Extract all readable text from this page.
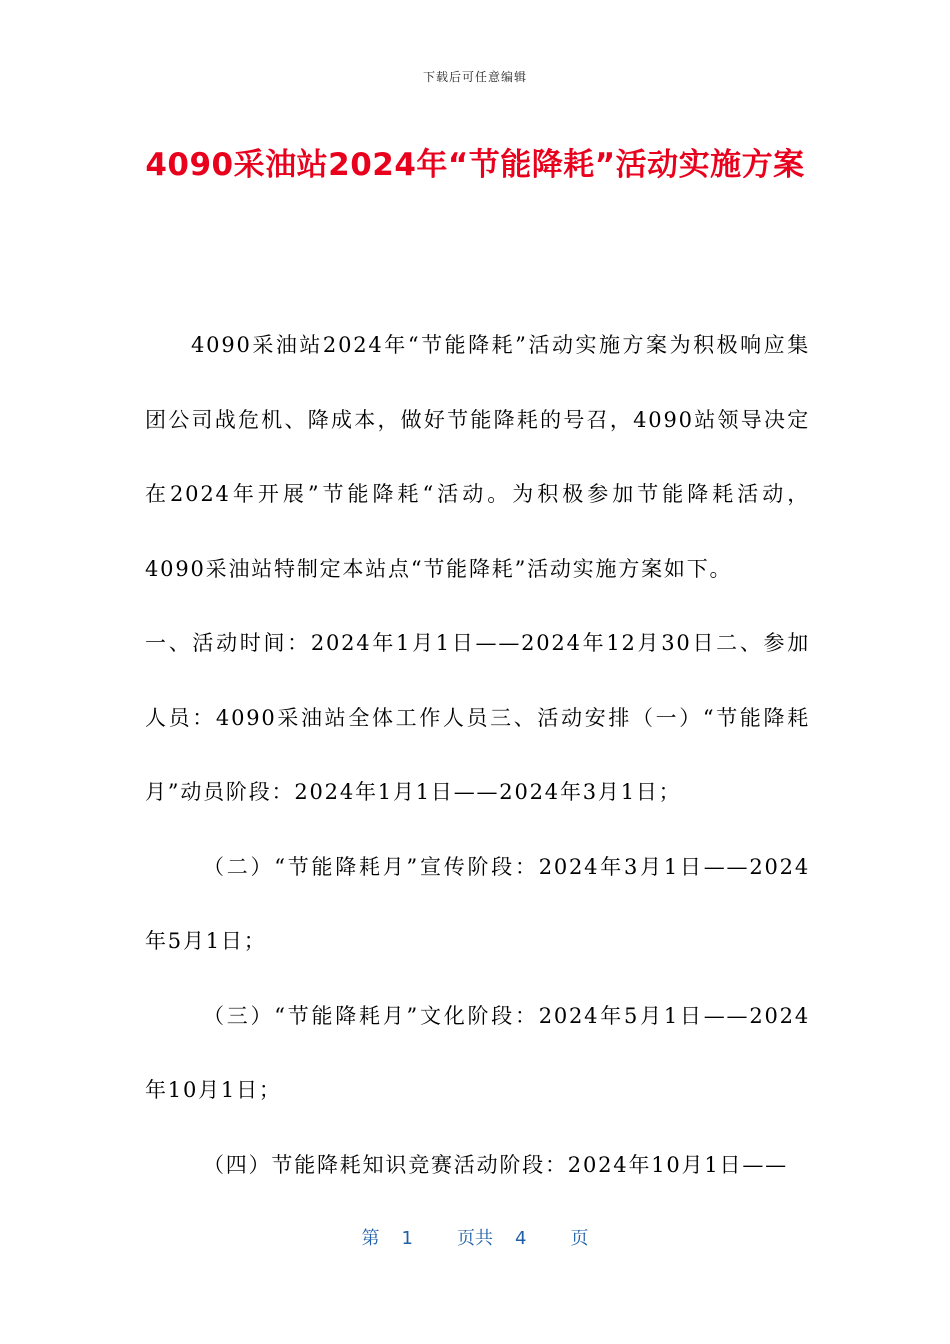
下载后可任意编辑
4090采油站2024年“节能降耗”活动实施方案

4090采油站2024年“节能降耗”活动实施方案为积极响应集团公司战危机、降成本，做好节能降耗的号召，4090站领导决定在2024年开展”节能降耗“活动。为积极参加节能降耗活动，4090采油站特制定本站点“节能降耗”活动实施方案如下。

一、活动时间：2024年1月1日——2024年12月30日二、参加人员：4090采油站全体工作人员三、活动安排（一）“节能降耗月”动员阶段：2024年1月1日——2024年3月1日；

（二）“节能降耗月”宣传阶段：2024年3月1日——2024年5月1日；

（三）“节能降耗月”文化阶段：2024年5月1日——2024年10月1日；

（四）节能降耗知识竞赛活动阶段：2024年10月1日——

第 1 页共 4 页
